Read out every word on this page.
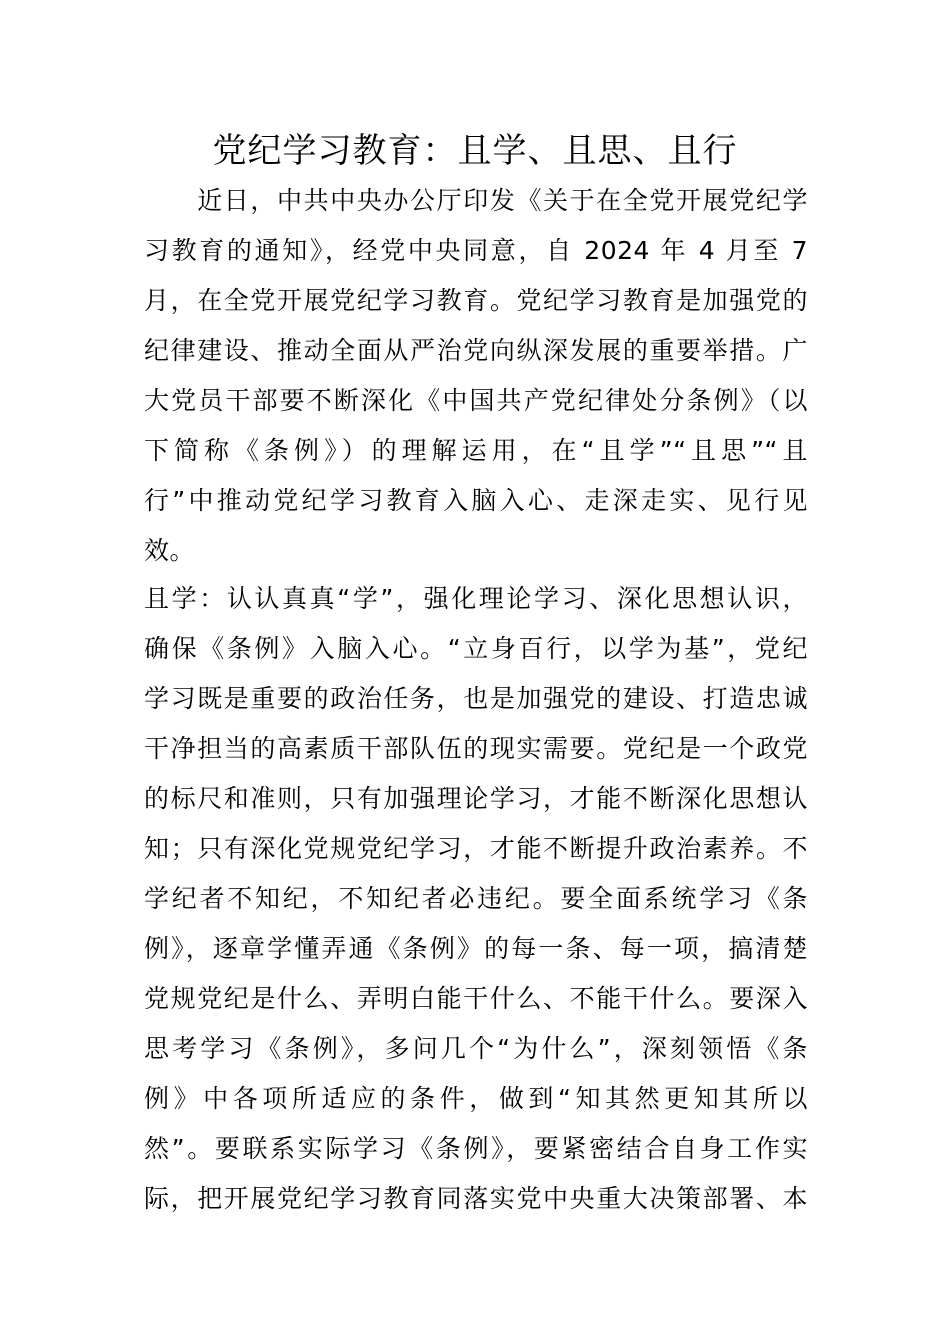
党纪学习教育：且学、且思、且行
　　近日，中共中央办公厅印发《关于在全党开展党纪学
习教育的通知》，经党中央同意，自 2024 年 4 月至 7
月，在全党开展党纪学习教育。党纪学习教育是加强党的
纪律建设、推动全面从严治党向纵深发展的重要举措。广
大党员干部要不断深化《中国共产党纪律处分条例》（以
下简称《条例》）的理解运用，在“且学”“且思”“且
行”中推动党纪学习教育入脑入心、走深走实、见行见
效。
且学：认认真真“学”，强化理论学习、深化思想认识，
确保《条例》入脑入心。“立身百行，以学为基”，党纪
学习既是重要的政治任务，也是加强党的建设、打造忠诚
干净担当的高素质干部队伍的现实需要。党纪是一个政党
的标尺和准则，只有加强理论学习，才能不断深化思想认
知；只有深化党规党纪学习，才能不断提升政治素养。不
学纪者不知纪，不知纪者必违纪。要全面系统学习《条
例》，逐章学懂弄通《条例》的每一条、每一项，搞清楚
党规党纪是什么、弄明白能干什么、不能干什么。要深入
思考学习《条例》，多问几个“为什么”，深刻领悟《条
例》中各项所适应的条件，做到“知其然更知其所以
然”。要联系实际学习《条例》，要紧密结合自身工作实
际，把开展党纪学习教育同落实党中央重大决策部署、本
